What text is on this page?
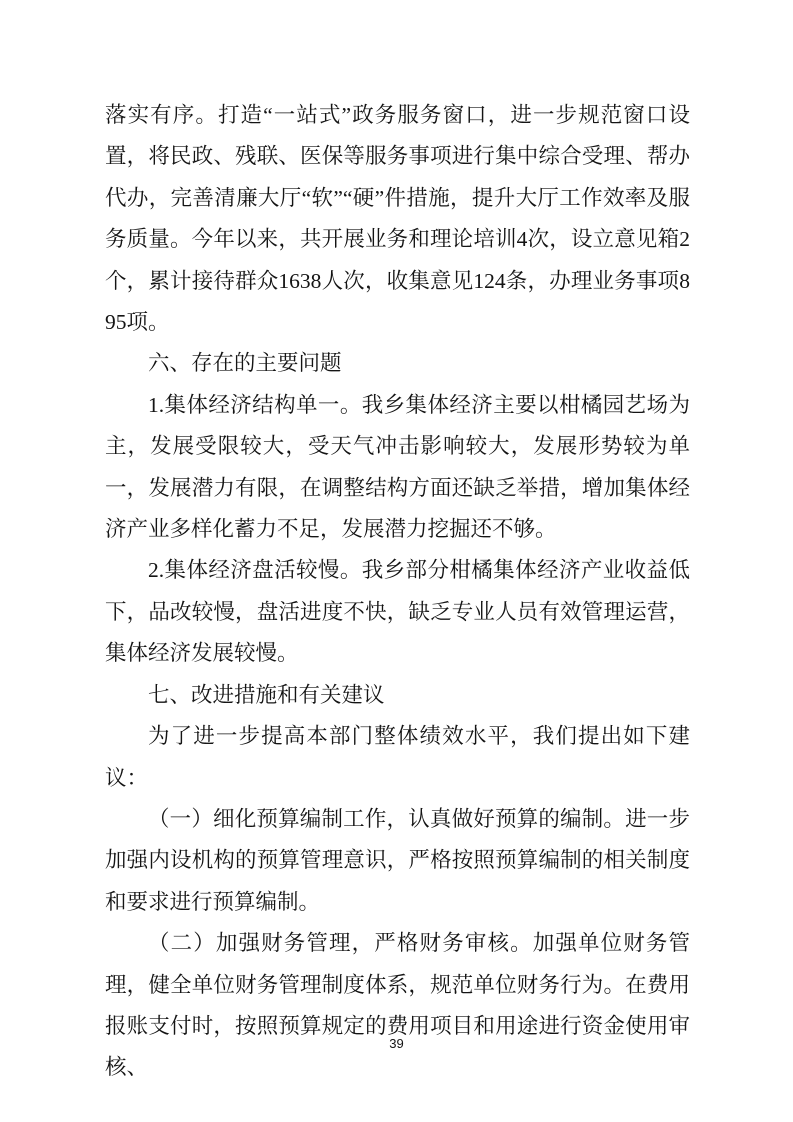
落实有序。打造“一站式”政务服务窗口，进一步规范窗口设置，将民政、残联、医保等服务事项进行集中综合受理、帮办代办，完善清廉大厅“软”“硬”件措施，提升大厅工作效率及服务质量。今年以来，共开展业务和理论培训4次，设立意见箱2个，累计接待群众1638人次，收集意见124条，办理业务事项895项。

六、存在的主要问题

1.集体经济结构单一。我乡集体经济主要以柑橘园艺场为主，发展受限较大，受天气冲击影响较大，发展形势较为单一，发展潜力有限，在调整结构方面还缺乏举措，增加集体经济产业多样化蓄力不足，发展潜力挖掘还不够。

2.集体经济盘活较慢。我乡部分柑橘集体经济产业收益低下，品改较慢，盘活进度不快，缺乏专业人员有效管理运营，集体经济发展较慢。

七、改进措施和有关建议

为了进一步提高本部门整体绩效水平，我们提出如下建议：

（一）细化预算编制工作，认真做好预算的编制。进一步加强内设机构的预算管理意识，严格按照预算编制的相关制度和要求进行预算编制。

（二）加强财务管理，严格财务审核。加强单位财务管理，健全单位财务管理制度体系，规范单位财务行为。在费用报账支付时，按照预算规定的费用项目和用途进行资金使用审核、

39
